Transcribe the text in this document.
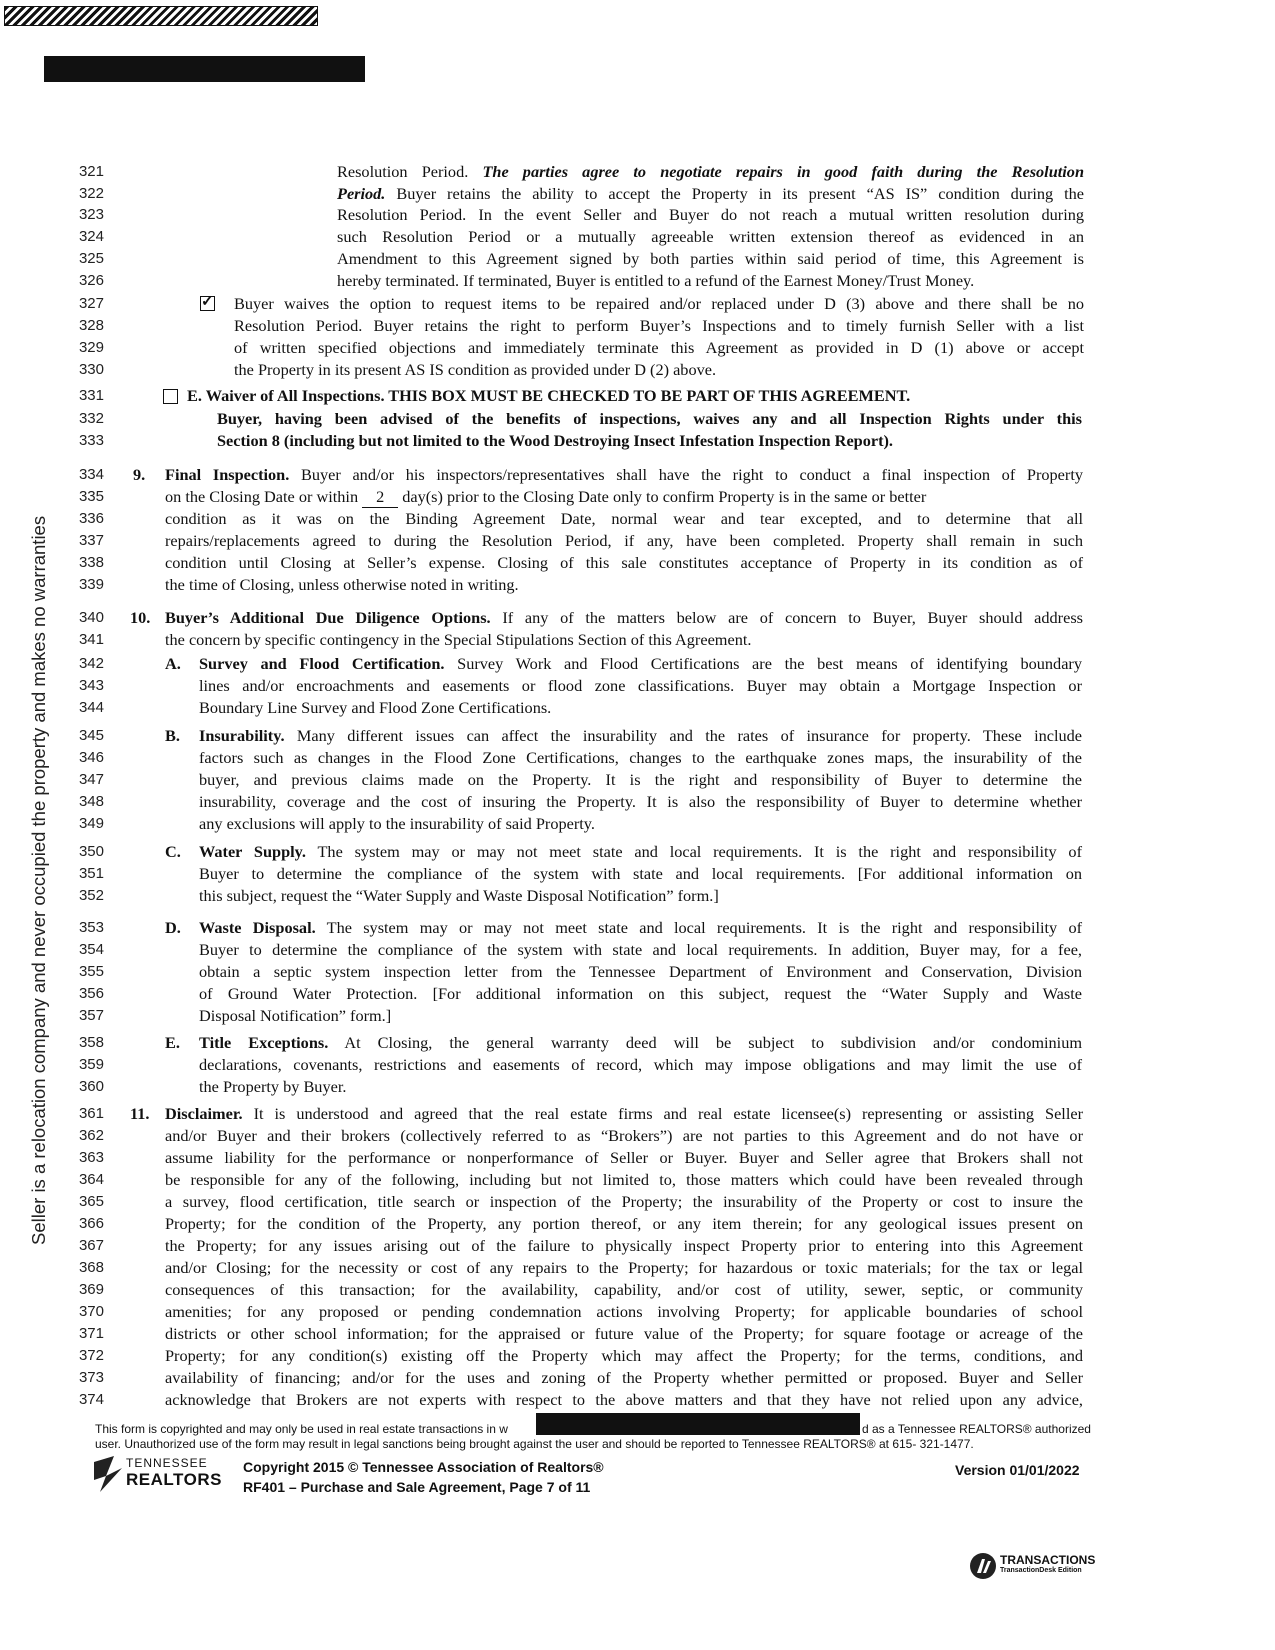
Seller is a relocation company and never occupied the property and makes no warranties
321	Resolution Period. The parties agree to negotiate repairs in good faith during the Resolution
322	Period. Buyer retains the ability to accept the Property in its present “AS IS” condition during the
323	Resolution Period. In the event Seller and Buyer do not reach a mutual written resolution during
324	such Resolution Period or a mutually agreeable written extension thereof as evidenced in an
325	Amendment to this Agreement signed by both parties within said period of time, this Agreement is
326	hereby terminated. If terminated, Buyer is entitled to a refund of the Earnest Money/Trust Money.
327	Buyer waives the option to request items to be repaired and/or replaced under D (3) above and there shall be no
328	Resolution Period. Buyer retains the right to perform Buyer’s Inspections and to timely furnish Seller with a list
329	of written specified objections and immediately terminate this Agreement as provided in D (1) above or accept
330	the Property in its present AS IS condition as provided under D (2) above.
331	E. Waiver of All Inspections. THIS BOX MUST BE CHECKED TO BE PART OF THIS AGREEMENT.
332	Buyer, having been advised of the benefits of inspections, waives any and all Inspection Rights under this
333	Section 8 (including but not limited to the Wood Destroying Insect Infestation Inspection Report).
334	Final Inspection. Buyer and/or his inspectors/representatives shall have the right to conduct a final inspection of Property
335	on the Closing Date or within 2 day(s) prior to the Closing Date only to confirm Property is in the same or better
336	condition as it was on the Binding Agreement Date, normal wear and tear excepted, and to determine that all
337	repairs/replacements agreed to during the Resolution Period, if any, have been completed. Property shall remain in such
338	condition until Closing at Seller’s expense. Closing of this sale constitutes acceptance of Property in its condition as of
339	the time of Closing, unless otherwise noted in writing.
340	Buyer’s Additional Due Diligence Options. If any of the matters below are of concern to Buyer, Buyer should address
341	the concern by specific contingency in the Special Stipulations Section of this Agreement.
342	Survey and Flood Certification. Survey Work and Flood Certifications are the best means of identifying boundary
343	lines and/or encroachments and easements or flood zone classifications. Buyer may obtain a Mortgage Inspection or
344	Boundary Line Survey and Flood Zone Certifications.
345	Insurability. Many different issues can affect the insurability and the rates of insurance for property. These include
346	factors such as changes in the Flood Zone Certifications, changes to the earthquake zones maps, the insurability of the
347	buyer, and previous claims made on the Property. It is the right and responsibility of Buyer to determine the
348	insurability, coverage and the cost of insuring the Property. It is also the responsibility of Buyer to determine whether
349	any exclusions will apply to the insurability of said Property.
350	Water Supply. The system may or may not meet state and local requirements. It is the right and responsibility of
351	Buyer to determine the compliance of the system with state and local requirements. [For additional information on
352	this subject, request the “Water Supply and Waste Disposal Notification” form.]
353	Waste Disposal. The system may or may not meet state and local requirements. It is the right and responsibility of
354	Buyer to determine the compliance of the system with state and local requirements. In addition, Buyer may, for a fee,
355	obtain a septic system inspection letter from the Tennessee Department of Environment and Conservation, Division
356	of Ground Water Protection. [For additional information on this subject, request the “Water Supply and Waste
357	Disposal Notification” form.]
358	Title Exceptions. At Closing, the general warranty deed will be subject to subdivision and/or condominium
359	declarations, covenants, restrictions and easements of record, which may impose obligations and may limit the use of
360	the Property by Buyer.
361	Disclaimer. It is understood and agreed that the real estate firms and real estate licensee(s) representing or assisting Seller
362	and/or Buyer and their brokers (collectively referred to as “Brokers”) are not parties to this Agreement and do not have or
363	assume liability for the performance or nonperformance of Seller or Buyer. Buyer and Seller agree that Brokers shall not
364	be responsible for any of the following, including but not limited to, those matters which could have been revealed through
365	a survey, flood certification, title search or inspection of the Property; the insurability of the Property or cost to insure the
366	Property; for the condition of the Property, any portion thereof, or any item therein; for any geological issues present on
367	the Property; for any issues arising out of the failure to physically inspect Property prior to entering into this Agreement
368	and/or Closing; for the necessity or cost of any repairs to the Property; for hazardous or toxic materials; for the tax or legal
369	consequences of this transaction; for the availability, capability, and/or cost of utility, sewer, septic, or community
370	amenities; for any proposed or pending condemnation actions involving Property; for applicable boundaries of school
371	districts or other school information; for the appraised or future value of the Property; for square footage or acreage of the
372	Property; for any condition(s) existing off the Property which may affect the Property; for the terms, conditions, and
373	availability of financing; and/or for the uses and zoning of the Property whether permitted or proposed. Buyer and Seller
374	acknowledge that Brokers are not experts with respect to the above matters and that they have not relied upon any advice,
✓
9.
10.
11.
A.
B.
C.
D.
E.
This form is copyrighted and may only be used in real estate transactions in w	d as a Tennessee REALTORS® authorized
user. Unauthorized use of the form may result in legal sanctions being brought against the user and should be reported to Tennessee REALTORS® at 615- 321-1477.
TENNESSEE
REALTORS
Copyright 2015 © Tennessee Association of Realtors®
RF401 – Purchase and Sale Agreement, Page 7 of 11
Version 01/01/2022
TRANSACTIONS
TransactionDesk Edition
